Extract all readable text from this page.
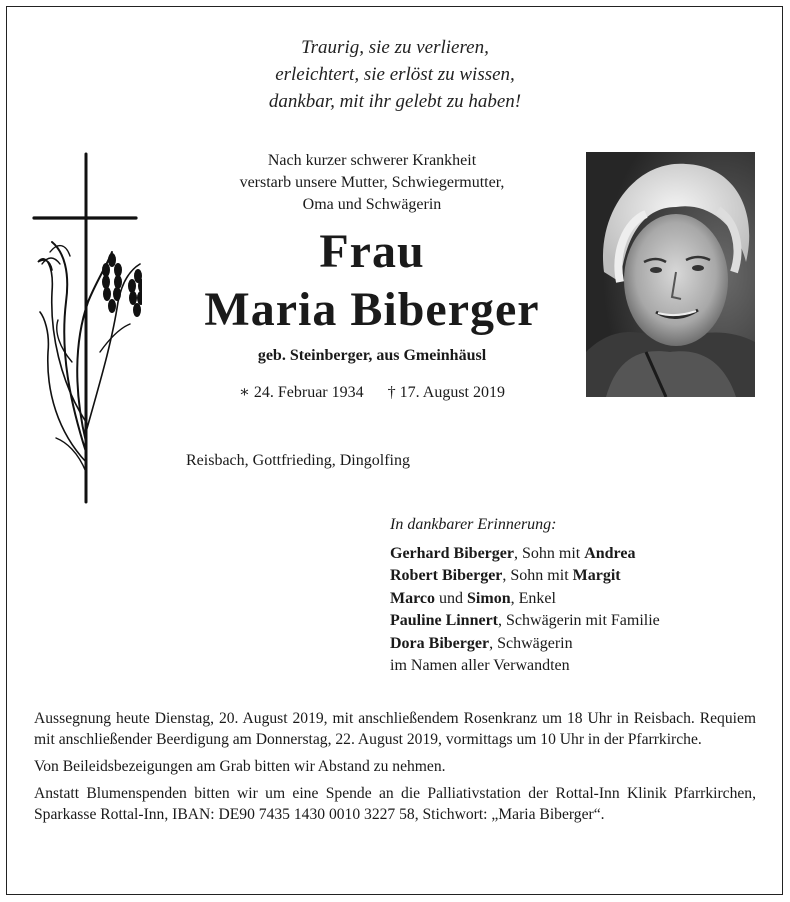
Traurig, sie zu verlieren,
erleichtert, sie erlöst zu wissen,
dankbar, mit ihr gelebt zu haben!
Nach kurzer schwerer Krankheit
verstarb unsere Mutter, Schwiegermutter,
Oma und Schwägerin
Frau
Maria Biberger
geb. Steinberger, aus Gmeinhäusl
∗ 24. Februar 1934 † 17. August 2019
Reisbach, Gottfrieding, Dingolfing
In dankbarer Erinnerung:
Gerhard Biberger, Sohn mit Andrea
Robert Biberger, Sohn mit Margit
Marco und Simon, Enkel
Pauline Linnert, Schwägerin mit Familie
Dora Biberger, Schwägerin
im Namen aller Verwandten

Aussegnung heute Dienstag, 20. August 2019, mit anschließendem Rosenkranz um 18 Uhr in Reisbach. Requiem mit anschließender Beerdigung am Donnerstag, 22. August 2019, vormittags um 10 Uhr in der Pfarrkirche.

Von Beileidsbezeigungen am Grab bitten wir Abstand zu nehmen.

Anstatt Blumenspenden bitten wir um eine Spende an die Palliativstation der Rottal-Inn Klinik Pfarrkirchen, Sparkasse Rottal-Inn, IBAN: DE90 7435 1430 0010 3227 58, Stichwort: „Maria Biberger“.
